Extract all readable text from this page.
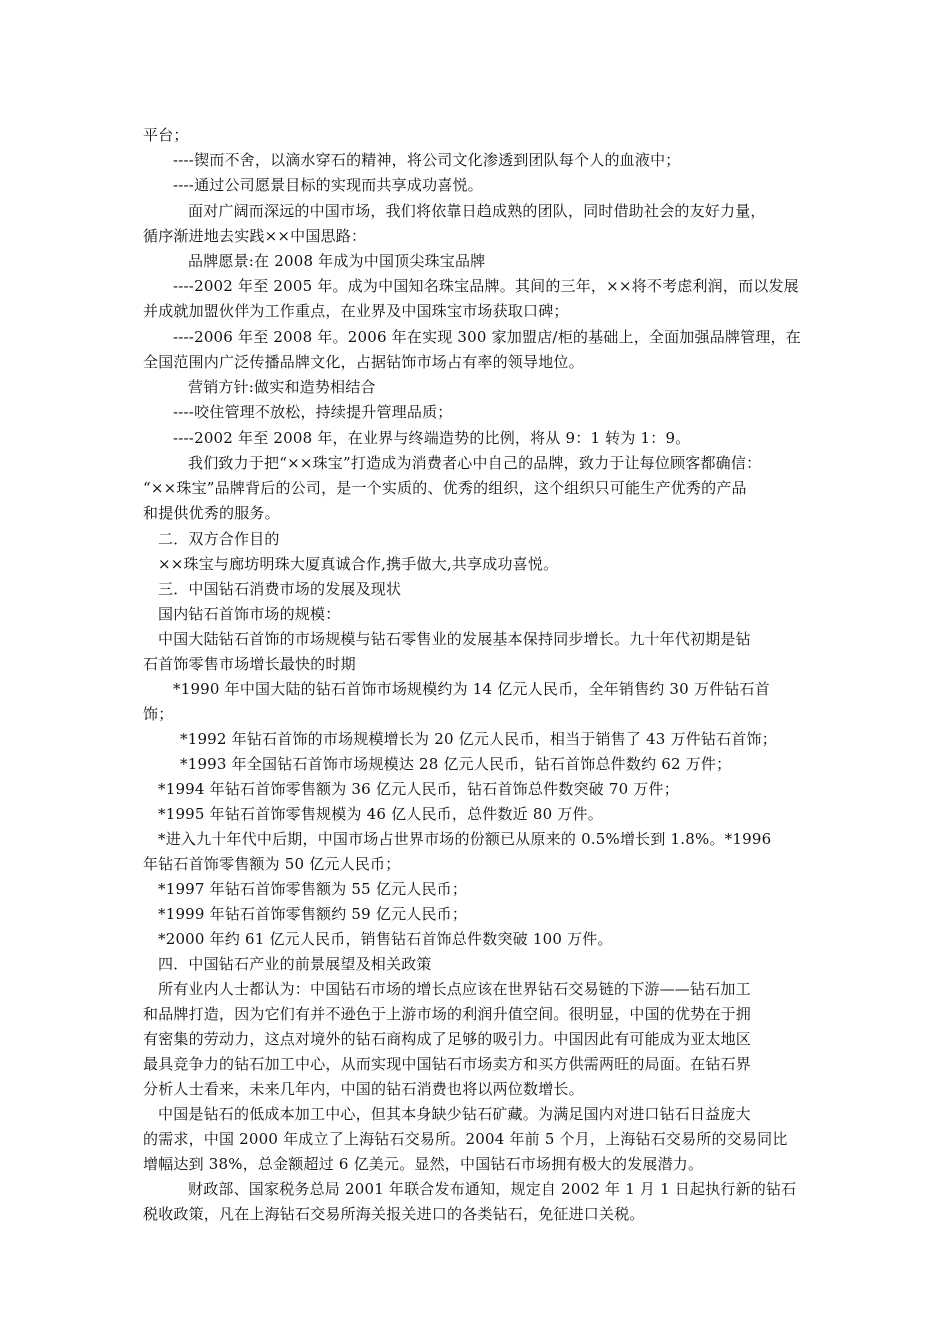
平台；
----锲而不舍，以滴水穿石的精神，将公司文化渗透到团队每个人的血液中；
----通过公司愿景目标的实现而共享成功喜悦。
面对广阔而深远的中国市场，我们将依靠日趋成熟的团队，同时借助社会的友好力量，
循序渐进地去实践××中国思路：
品牌愿景:在 2008 年成为中国顶尖珠宝品牌
----2002 年至 2005 年。成为中国知名珠宝品牌。其间的三年，××将不考虑利润，而以发展
并成就加盟伙伴为工作重点，在业界及中国珠宝市场获取口碑；
----2006 年至 2008 年。2006 年在实现 300 家加盟店/柜的基础上，全面加强品牌管理，在
全国范围内广泛传播品牌文化，占据钻饰市场占有率的领导地位。
营销方针:做实和造势相结合
----咬住管理不放松，持续提升管理品质；
----2002 年至 2008 年，在业界与终端造势的比例，将从 9：1 转为 1：9。
我们致力于把“××珠宝”打造成为消费者心中自己的品牌，致力于让每位顾客都确信：
“××珠宝”品牌背后的公司，是一个实质的、优秀的组织，这个组织只可能生产优秀的产品
和提供优秀的服务。
二．双方合作目的
××珠宝与廊坊明珠大厦真诚合作,携手做大,共享成功喜悦。
三．中国钻石消费市场的发展及现状
国内钻石首饰市场的规模：
中国大陆钻石首饰的市场规模与钻石零售业的发展基本保持同步增长。九十年代初期是钻
石首饰零售市场增长最快的时期
*1990 年中国大陆的钻石首饰市场规模约为 14 亿元人民币，全年销售约 30 万件钻石首
饰；
*1992 年钻石首饰的市场规模增长为 20 亿元人民币，相当于销售了 43 万件钻石首饰；
*1993 年全国钻石首饰市场规模达 28 亿元人民币，钻石首饰总件数约 62 万件；
*1994 年钻石首饰零售额为 36 亿元人民币，钻石首饰总件数突破 70 万件；
*1995 年钻石首饰零售规模为 46 亿人民币，总件数近 80 万件。
*进入九十年代中后期，中国市场占世界市场的份额已从原来的 0.5%增长到 1.8%。*1996
年钻石首饰零售额为 50 亿元人民币；
*1997 年钻石首饰零售额为 55 亿元人民币；
*1999 年钻石首饰零售额约 59 亿元人民币；
*2000 年约 61 亿元人民币，销售钻石首饰总件数突破 100 万件。
四．中国钻石产业的前景展望及相关政策
所有业内人士都认为：中国钻石市场的增长点应该在世界钻石交易链的下游——钻石加工
和品牌打造，因为它们有并不逊色于上游市场的利润升值空间。很明显，中国的优势在于拥
有密集的劳动力，这点对境外的钻石商构成了足够的吸引力。中国因此有可能成为亚太地区
最具竞争力的钻石加工中心，从而实现中国钻石市场卖方和买方供需两旺的局面。在钻石界
分析人士看来，未来几年内，中国的钻石消费也将以两位数增长。
中国是钻石的低成本加工中心，但其本身缺少钻石矿藏。为满足国内对进口钻石日益庞大
的需求，中国 2000 年成立了上海钻石交易所。2004 年前 5 个月，上海钻石交易所的交易同比
增幅达到 38%，总金额超过 6 亿美元。显然，中国钻石市场拥有极大的发展潜力。
财政部、国家税务总局 2001 年联合发布通知，规定自 2002 年 1 月 1 日起执行新的钻石
税收政策，凡在上海钻石交易所海关报关进口的各类钻石，免征进口关税。
